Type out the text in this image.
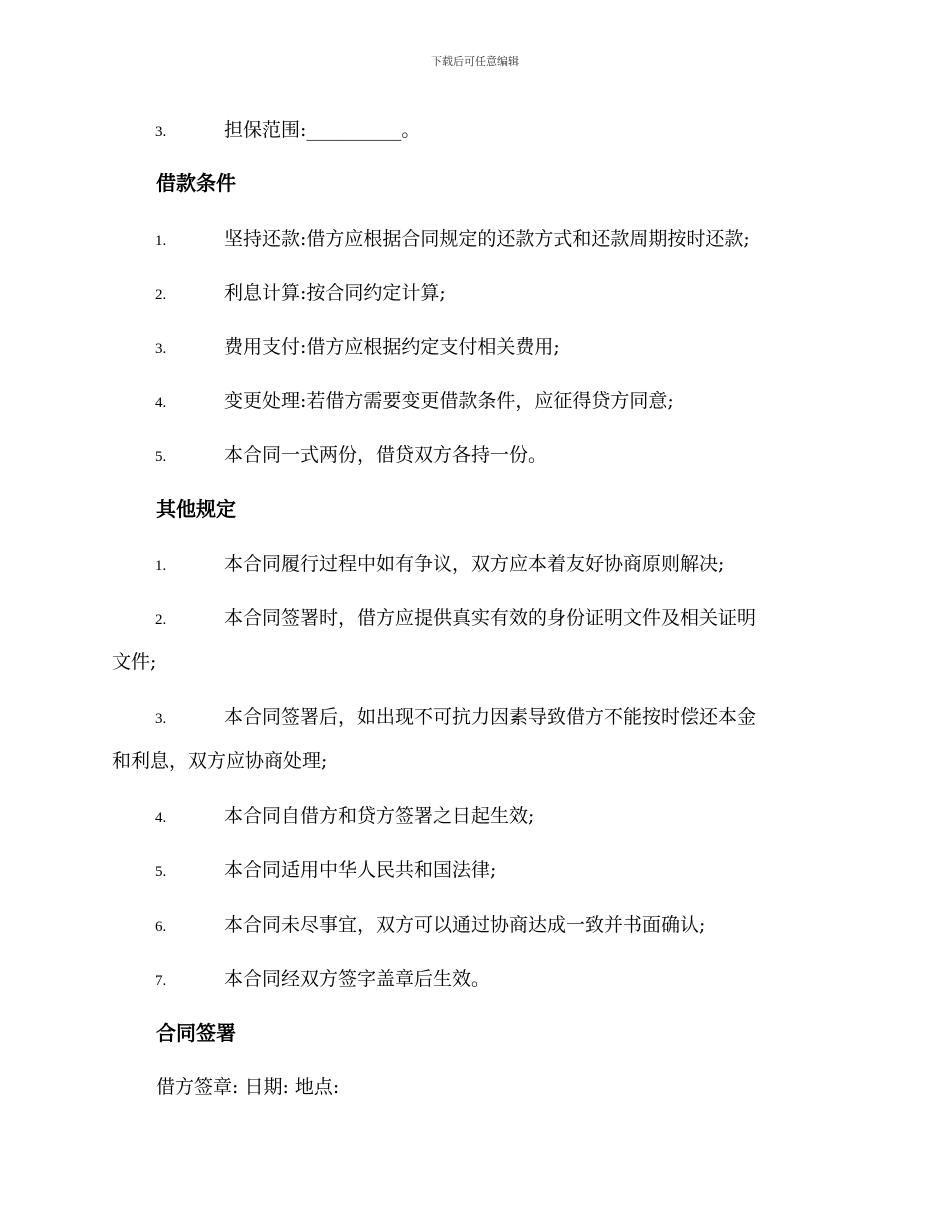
下载后可任意编辑
3.	担保范围:__________。
借款条件
1.	坚持还款:借方应根据合同规定的还款方式和还款周期按时还款;
2.	利息计算:按合同约定计算;
3.	费用支付:借方应根据约定支付相关费用;
4.	变更处理:若借方需要变更借款条件，应征得贷方同意;
5.	本合同一式两份，借贷双方各持一份。
其他规定
1.	本合同履行过程中如有争议，双方应本着友好协商原则解决;
2.	本合同签署时，借方应提供真实有效的身份证明文件及相关证明
文件;
3.	本合同签署后，如出现不可抗力因素导致借方不能按时偿还本金
和利息，双方应协商处理;
4.	本合同自借方和贷方签署之日起生效;
5.	本合同适用中华人民共和国法律;
6.	本合同未尽事宜，双方可以通过协商达成一致并书面确认;
7.	本合同经双方签字盖章后生效。
合同签署
借方签章: 日期: 地点:
